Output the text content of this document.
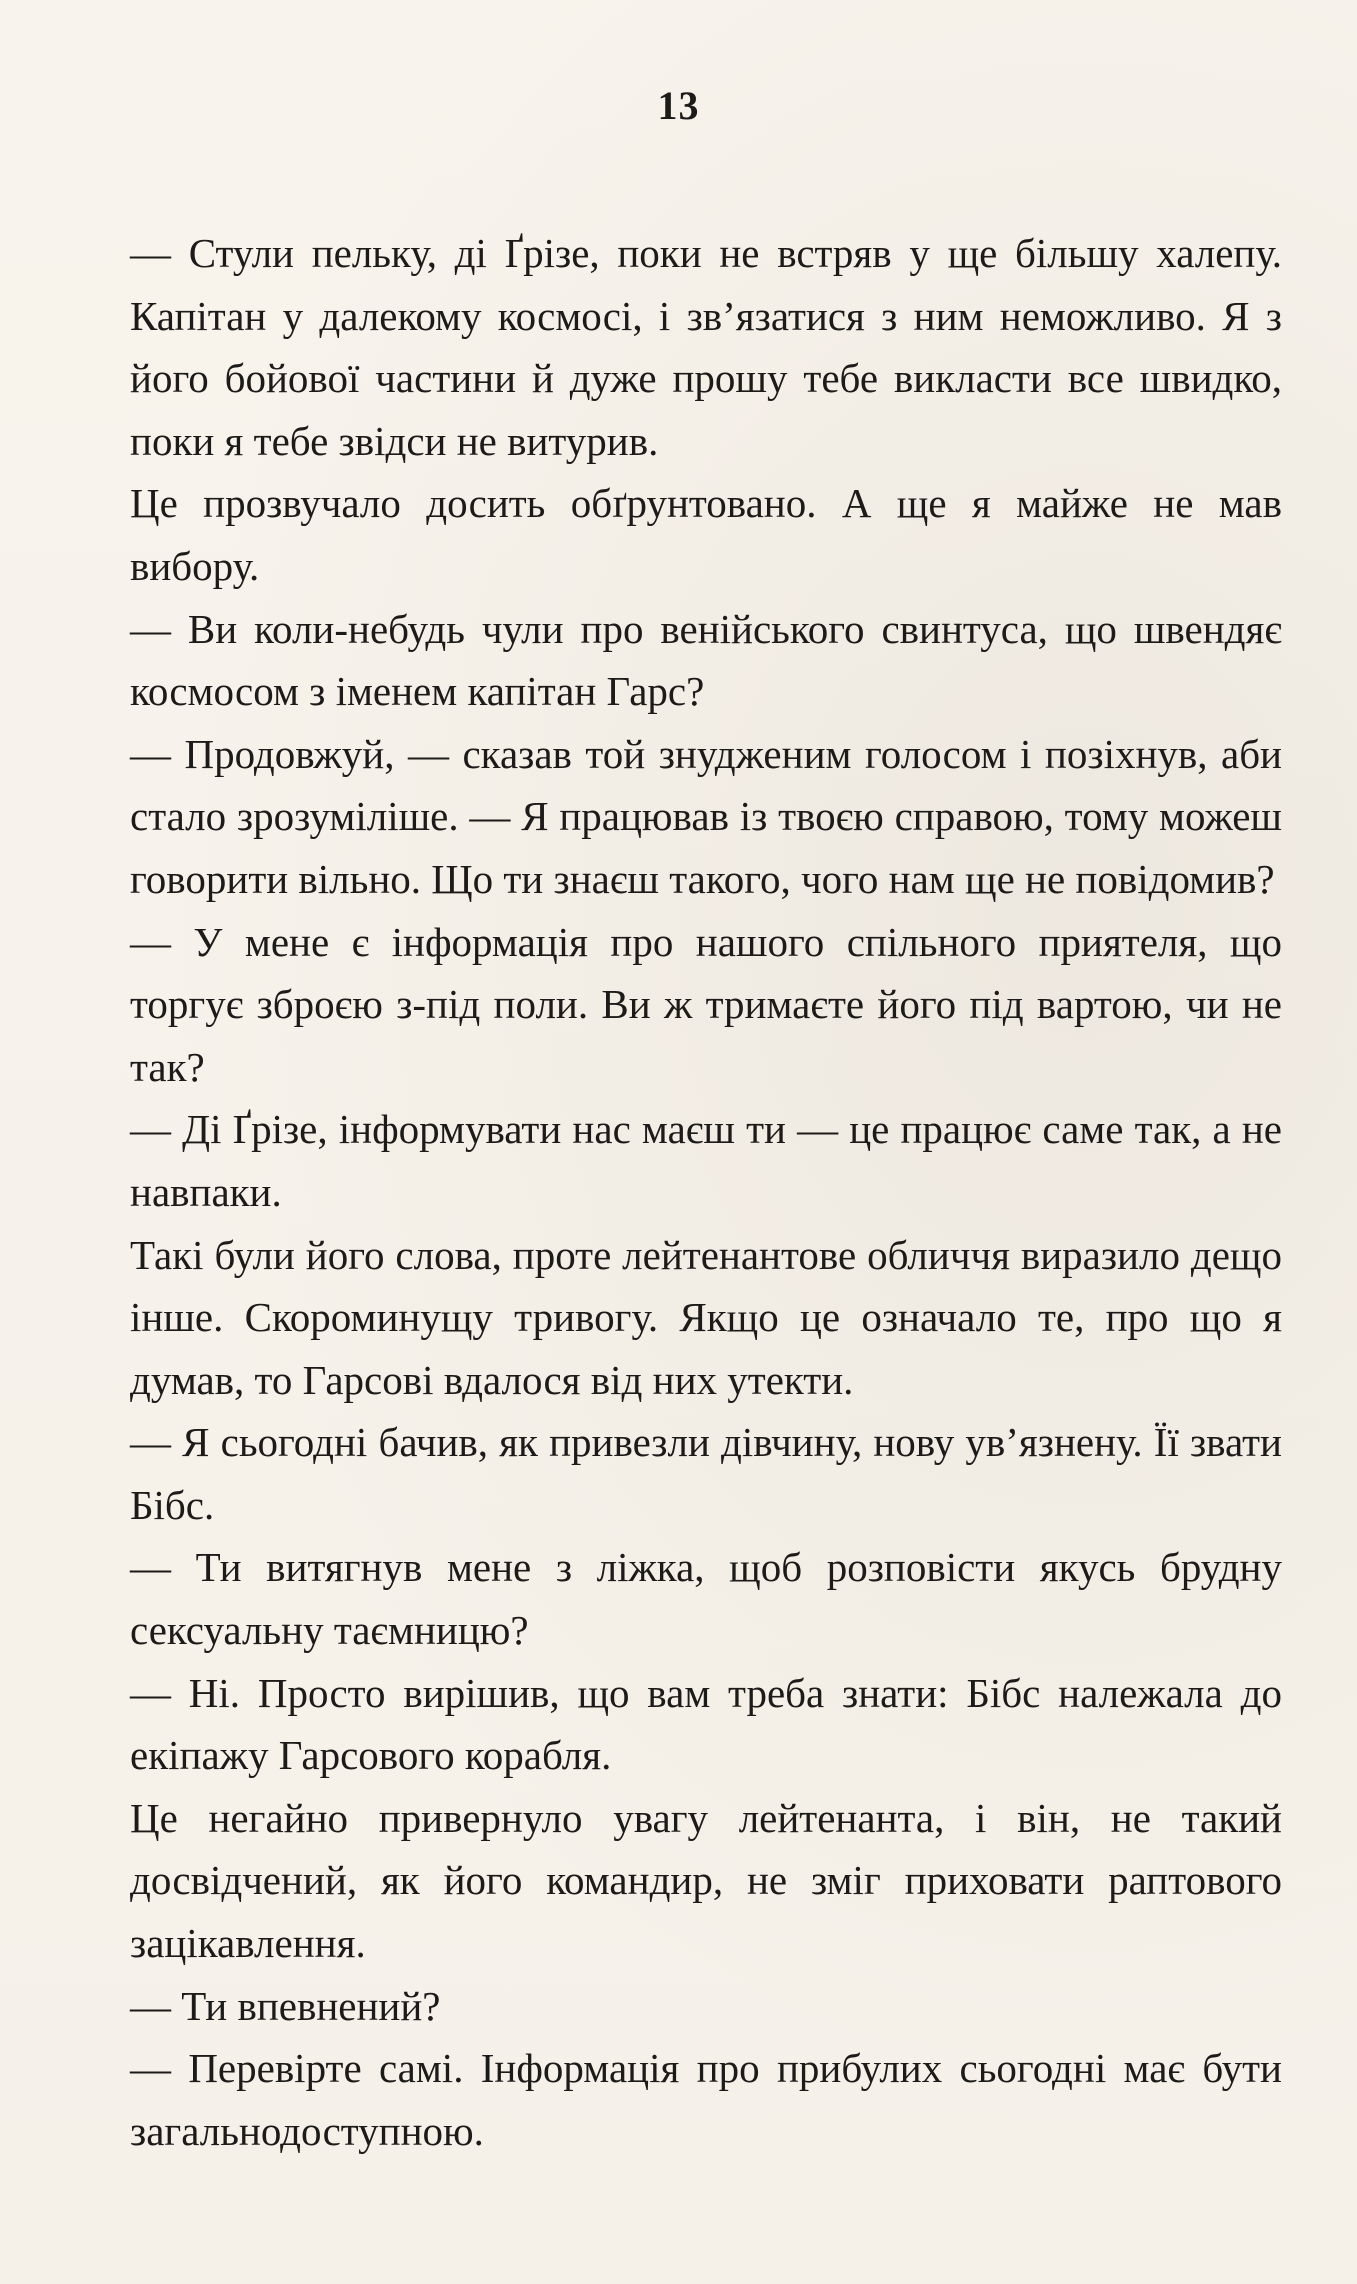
13

— Стули пельку, ді Ґрізе, поки не встряв у ще більшу халепу. Капітан у далекому космосі, і зв’язатися з ним неможливо. Я з його бойової частини й дуже прошу тебе викласти все швидко, поки я тебе звідси не витурив.

Це прозвучало досить обґрунтовано. А ще я майже не мав вибору.

— Ви коли-небудь чули про венійського свинтуса, що швендяє космосом з іменем капітан Гарс?

— Продовжуй, — сказав той знудженим голосом і позіхнув, аби стало зрозуміліше. — Я працював із твоєю справою, тому можеш говорити вільно. Що ти знаєш такого, чого нам ще не повідомив?

— У мене є інформація про нашого спільного приятеля, що торгує зброєю з-під поли. Ви ж тримаєте його під вартою, чи не так?

— Ді Ґрізе, інформувати нас маєш ти — це працює саме так, а не навпаки.

Такі були його слова, проте лейтенантове обличчя виразило дещо інше. Скороминущу тривогу. Якщо це означало те, про що я думав, то Гарсові вдалося від них утекти.

— Я сьогодні бачив, як привезли дівчину, нову ув’язнену. Її звати Бібс.

— Ти витягнув мене з ліжка, щоб розповісти якусь брудну сексуальну таємницю?

— Ні. Просто вирішив, що вам треба знати: Бібс належала до екіпажу Гарсового корабля.

Це негайно привернуло увагу лейтенанта, і він, не такий досвідчений, як його командир, не зміг приховати раптового зацікавлення.

— Ти впевнений?

— Перевірте самі. Інформація про прибулих сьогодні має бути загальнодоступною.
